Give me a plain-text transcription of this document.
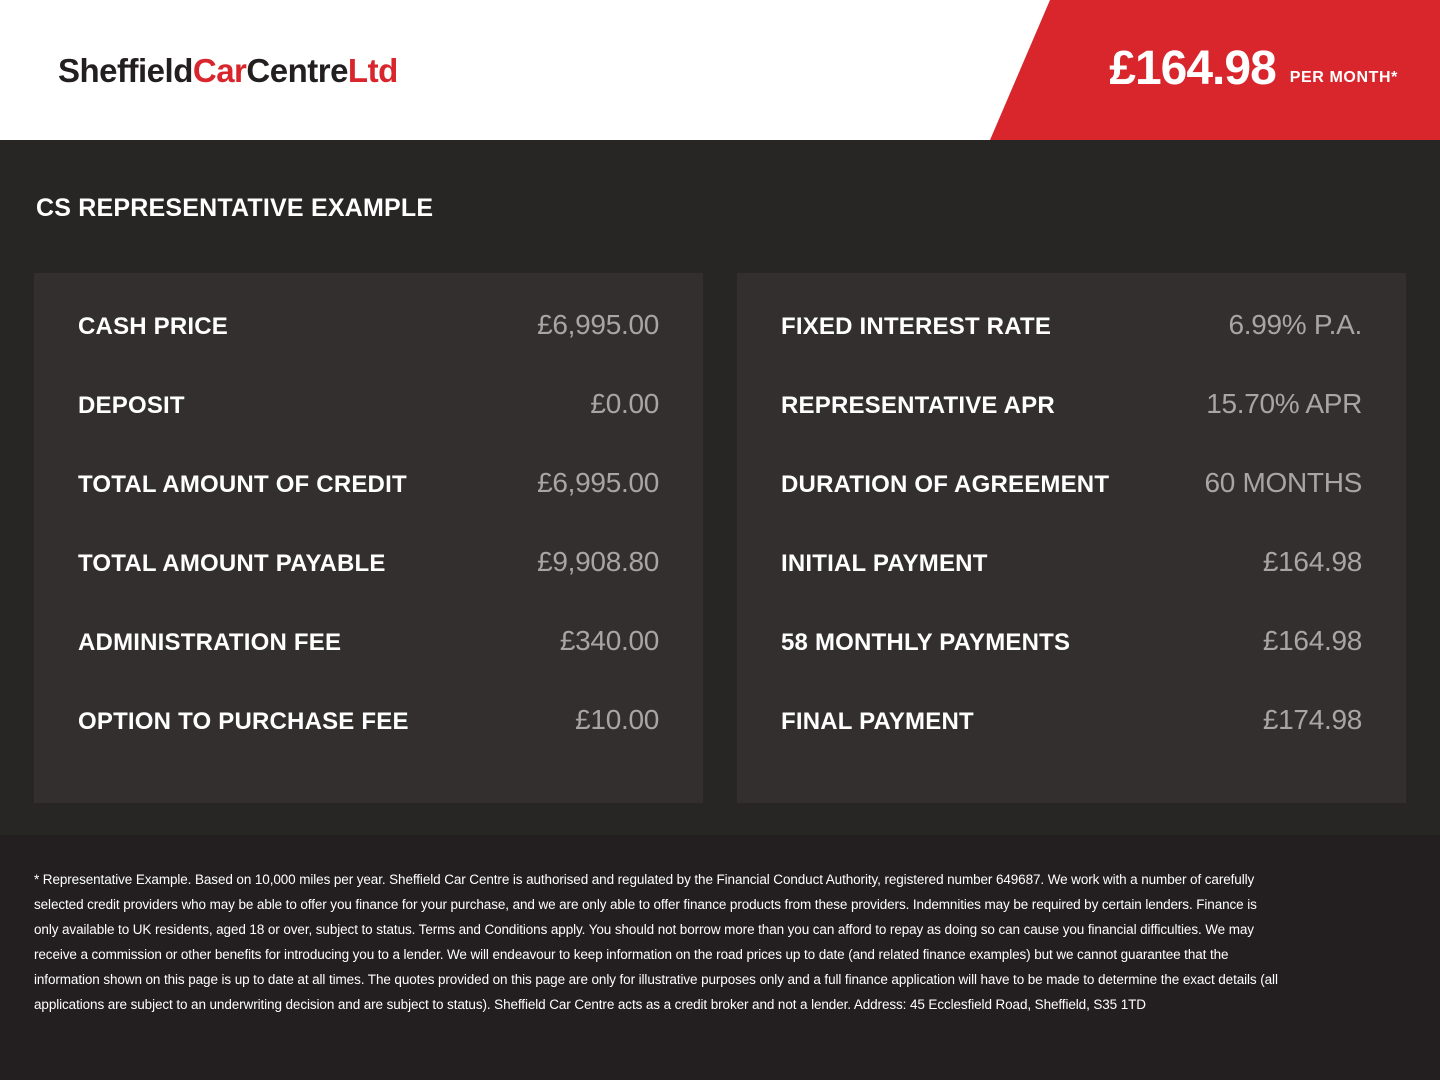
SheffieldCarCentreLtd	£164.98 PER MONTH*
CS REPRESENTATIVE EXAMPLE
CASH PRICE	£6,995.00
DEPOSIT	£0.00
TOTAL AMOUNT OF CREDIT	£6,995.00
TOTAL AMOUNT PAYABLE	£9,908.80
ADMINISTRATION FEE	£340.00
OPTION TO PURCHASE FEE	£10.00
FIXED INTEREST RATE	6.99% P.A.
REPRESENTATIVE APR	15.70% APR
DURATION OF AGREEMENT	60 MONTHS
INITIAL PAYMENT	£164.98
58 MONTHLY PAYMENTS	£164.98
FINAL PAYMENT	£174.98

* Representative Example. Based on 10,000 miles per year. Sheffield Car Centre is authorised and regulated by the Financial Conduct Authority, registered number 649687. We work with a number of carefully selected credit providers who may be able to offer you finance for your purchase, and we are only able to offer finance products from these providers. Indemnities may be required by certain lenders. Finance is only available to UK residents, aged 18 or over, subject to status. Terms and Conditions apply. You should not borrow more than you can afford to repay as doing so can cause you financial difficulties. We may receive a commission or other benefits for introducing you to a lender. We will endeavour to keep information on the road prices up to date (and related finance examples) but we cannot guarantee that the information shown on this page is up to date at all times. The quotes provided on this page are only for illustrative purposes only and a full finance application will have to be made to determine the exact details (all applications are subject to an underwriting decision and are subject to status). Sheffield Car Centre acts as a credit broker and not a lender. Address: 45 Ecclesfield Road, Sheffield, S35 1TD
